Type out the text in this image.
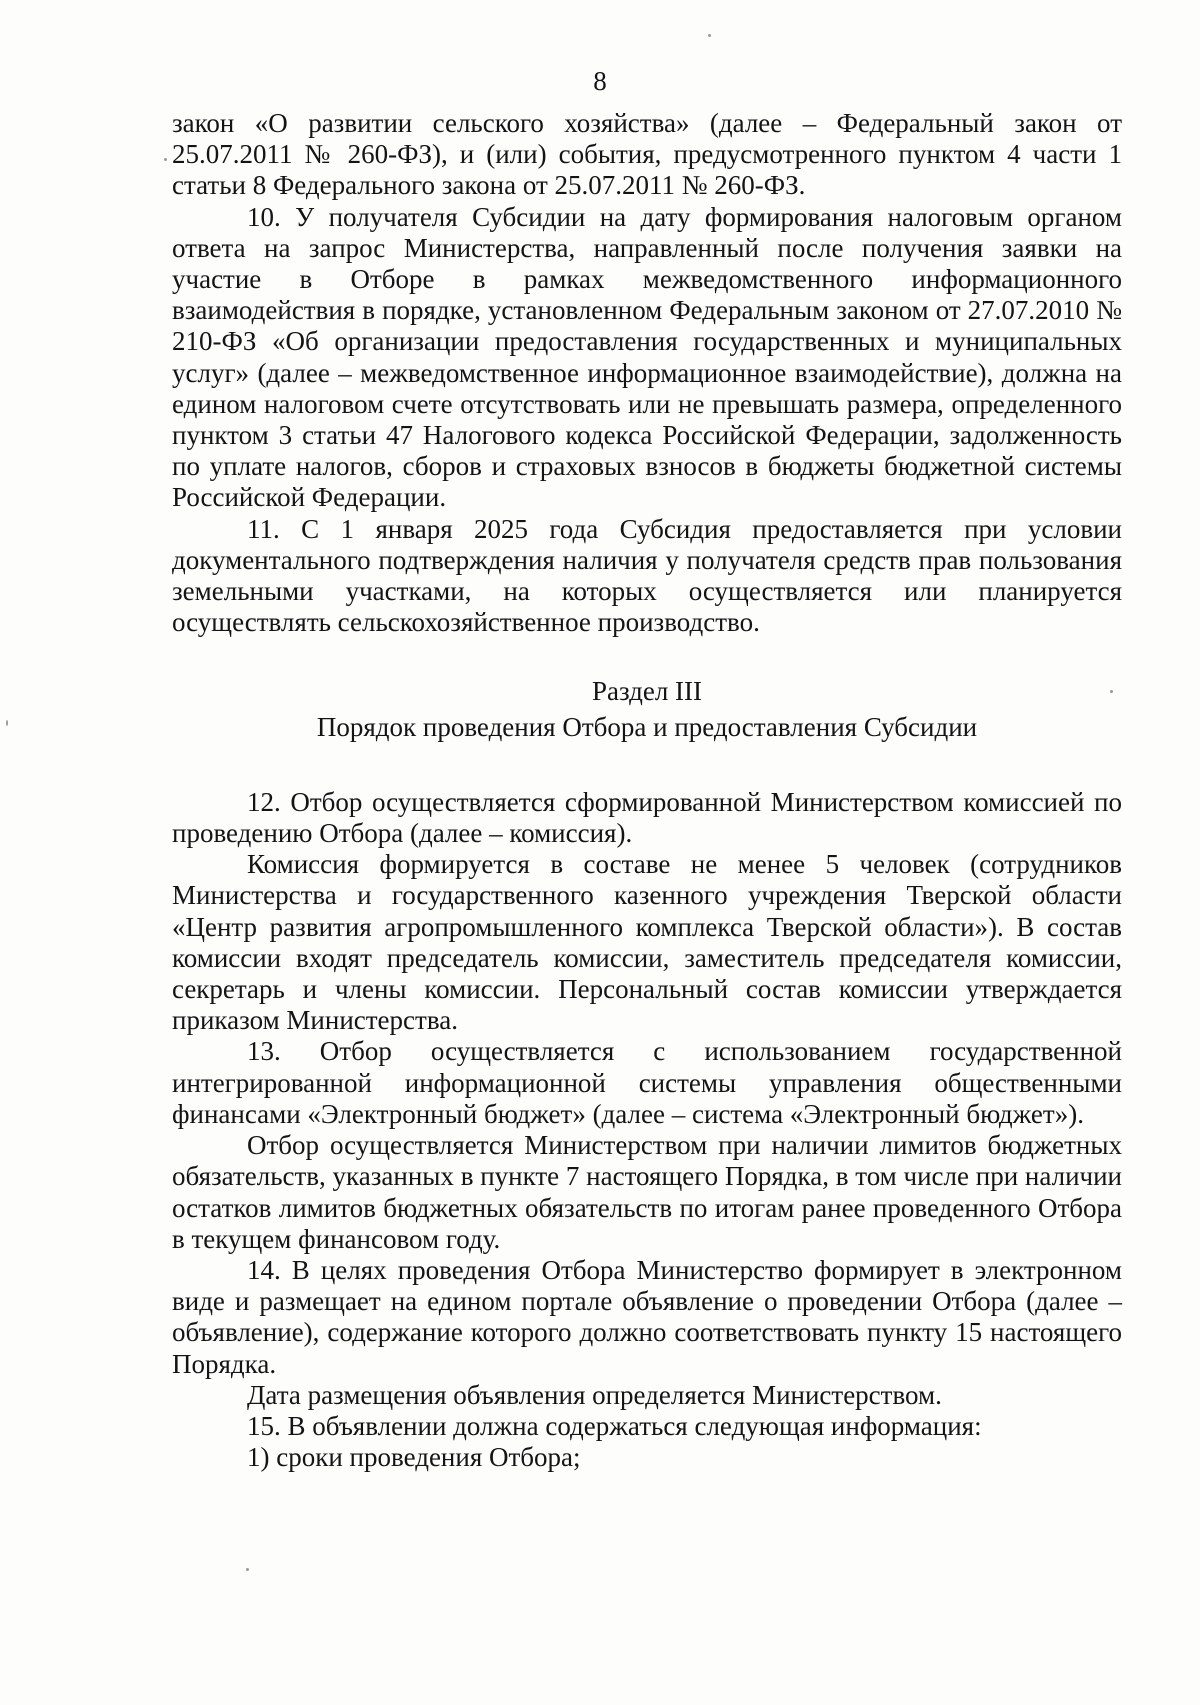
8

закон «О развитии сельского хозяйства» (далее – Федеральный закон от 25.07.2011 № 260-ФЗ), и (или) события, предусмотренного пунктом 4 части 1 статьи 8 Федерального закона от 25.07.2011 № 260-ФЗ.

10. У получателя Субсидии на дату формирования налоговым органом ответа на запрос Министерства, направленный после получения заявки на участие в Отборе в рамках межведомственного информационного взаимодействия в порядке, установленном Федеральным законом от 27.07.2010 № 210-ФЗ «Об организации предоставления государственных и муниципальных услуг» (далее – межведомственное информационное взаимодействие), должна на едином налоговом счете отсутствовать или не превышать размера, определенного пунктом 3 статьи 47 Налогового кодекса Российской Федерации, задолженность по уплате налогов, сборов и страховых взносов в бюджеты бюджетной системы Российской Федерации.

11. С 1 января 2025 года Субсидия предоставляется при условии документального подтверждения наличия у получателя средств прав пользования земельными участками, на которых осуществляется или планируется осуществлять сельскохозяйственное производство.

Раздел III
Порядок проведения Отбора и предоставления Субсидии

12. Отбор осуществляется сформированной Министерством комиссией по проведению Отбора (далее – комиссия).

Комиссия формируется в составе не менее 5 человек (сотрудников Министерства и государственного казенного учреждения Тверской области «Центр развития агропромышленного комплекса Тверской области»). В состав комиссии входят председатель комиссии, заместитель председателя комиссии, секретарь и члены комиссии. Персональный состав комиссии утверждается приказом Министерства.

13. Отбор осуществляется с использованием государственной интегрированной информационной системы управления общественными финансами «Электронный бюджет» (далее – система «Электронный бюджет»).

Отбор осуществляется Министерством при наличии лимитов бюджетных обязательств, указанных в пункте 7 настоящего Порядка, в том числе при наличии остатков лимитов бюджетных обязательств по итогам ранее проведенного Отбора в текущем финансовом году.

14. В целях проведения Отбора Министерство формирует в электронном виде и размещает на едином портале объявление о проведении Отбора (далее – объявление), содержание которого должно соответствовать пункту 15 настоящего Порядка.

Дата размещения объявления определяется Министерством.

15. В объявлении должна содержаться следующая информация:

1) сроки проведения Отбора;
